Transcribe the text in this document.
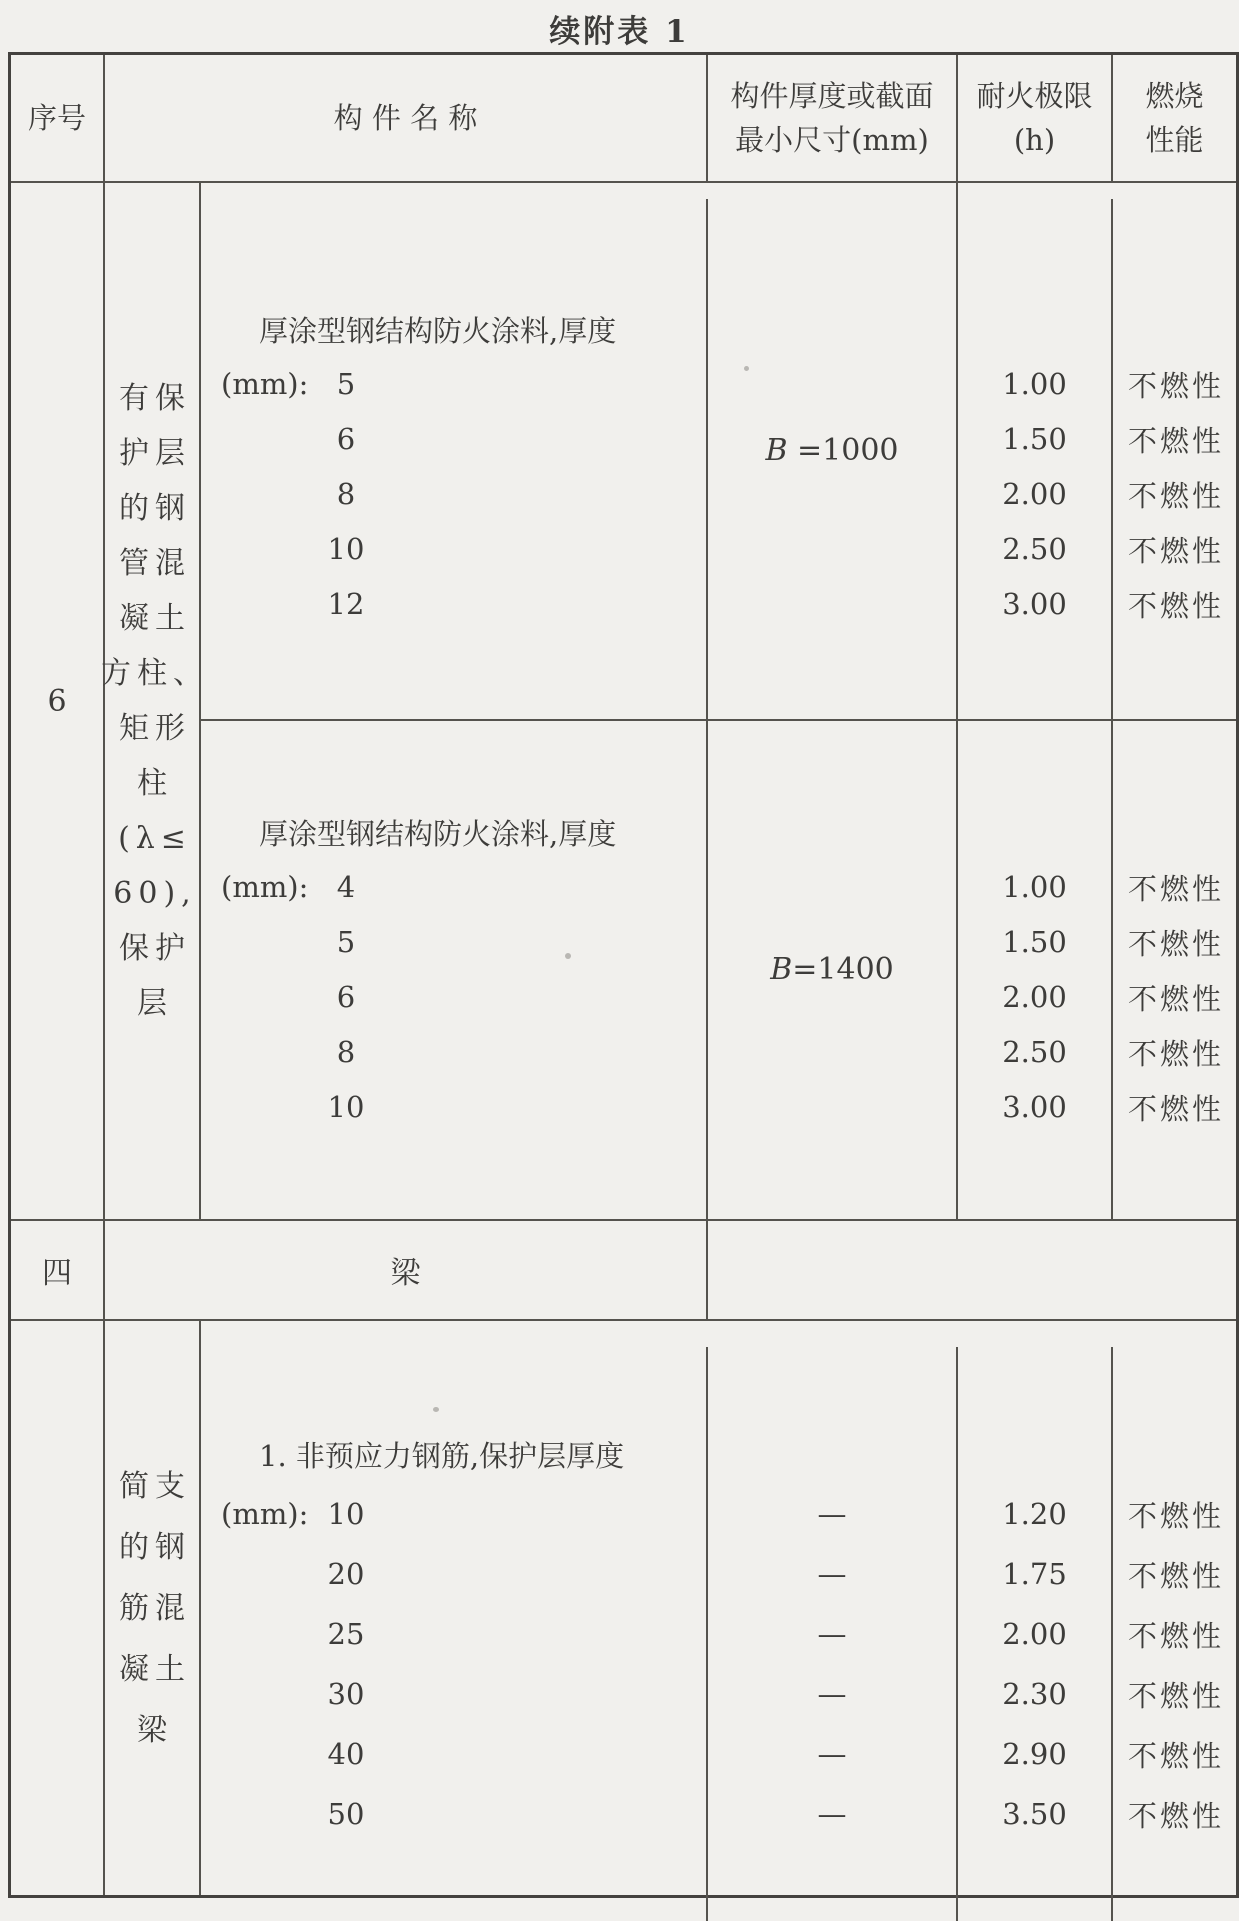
续附表 1
序号	构 件 名 称
构件厚度或截面
最小尺寸(mm)
耐火极限
(h)
燃烧
性能
6
有保
护层
的钢
管混
凝土
方柱、
矩形
柱
(λ≤
60),
保护
层
厚涂型钢结构防火涂料,厚度
(mm): 5
6
8
10
12
B =1000
1.00
1.50
2.00
2.50
3.00
不燃性
不燃性
不燃性
不燃性
不燃性
厚涂型钢结构防火涂料,厚度
(mm): 4
5
6
8
10
B=1400
1.00
1.50
2.00
2.50
3.00
不燃性
不燃性
不燃性
不燃性
不燃性
四	梁
简支
的钢
筋混
凝土
梁
1. 非预应力钢筋,保护层厚度
(mm): 10
20
25
30
40
50
—
—
—
—
—
—
1.20
1.75
2.00
2.30
2.90
3.50
不燃性
不燃性
不燃性
不燃性
不燃性
不燃性
